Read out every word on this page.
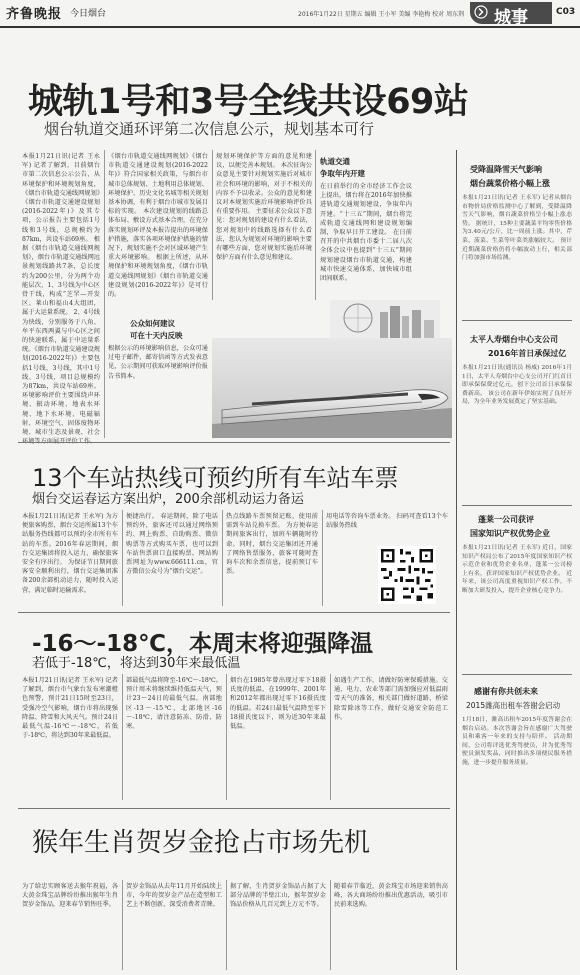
齐鲁晚报 今日烟台	2016年1月22日 星期五 编辑 王小军 美编 李艳梅 校对 周东荆 城事	C03
城轨1号和3号全线共设69站
烟台轨道交通环评第二次信息公示，规划基本可行
本报1月21日讯(记者 王永军) 记者了解到，目前烟台市第二次信息公示公告，从环境保护和环境规划角度，《烟台市轨道交通线网规划》《烟台市轨道交通建设规划(2016-2022年)》及其专项，公示报告主要包括1号线和3号线，总规模约为87km，共设车站69座。 根据《烟台市轨道交通线网规划》，烟台市轨道交通线网远景规划线路共7条，总长度约为200公里，分为两个功能层次，1、3号线为中心区骨干线，构成“芝罘—开发区、莱山和福山4大组团，属于大运量系统。 2、4号线为快线，分别服务于八角、牟平东西两翼与中心区之间的快速联系，属于中运量系统。《烟台市轨道交通建设规划(2016-2022年)》主要包括1号线、3号线，其中1号线、3号线，项目总规模约为87km，共设车站69座。 环境影响评价主要围绕声环境、振动环境、地表水环境、地下水环境、电磁辐射、环境空气、固体废物环境、城市生态及景观、社会
《烟台市轨道交通线网规划》《烟台市轨道交通建设规划(2016-2022年)》符合国家相关政策，与烟台市城市总体规划、土地利用总体规划、环境保护、历史文化名城等相关规划基本协调，有利于烟台市城市发展目标的实现。 本次建设规划的线路总体布局、敷设方式基本合理，在充分落实规划环评及本报告提出的环境保护措施，落实各项环境保护措施的情况下，规划实施不会对区域环境产生重大环境影响。 根据上所述，从环境保护和环境规划角度，《烟台市轨道交通线网规划》《烟台市轨道交通建设规划(2016-2022年)》是可行的。
公众如何建议
可在十天内反映
根据公示的环境影响信息，公众可通过电子邮件、邮寄信函等方式发表意见，公示期间可获取环境影响评价报告书简本。
规划环境保护等方面的意见和建议，以便完善本规划。 本次征询公众意见主要针对规划实施后对城市社会和环境的影响，对于不相关的内容不予以收录。公众的意见和建议对本规划实施后环境影响评价具有重要作用。 主要征求公众以下意见：您对规划的建设有什么看法，您对规划中的线路选择有什么看法，您认为规划对环境的影响主要有哪些方面，您对规划实施后环境保护方面有什么意见和建议。
轨道交通
争取年内开建
在日前举行的全市经济工作会议上提出，烟台将在2016年加快推进轨道交通规划建设，争取年内开建。“十三五”期间，烟台将完成轨道交通线网和建设规划编制，争取早日开工建设。 在日前召开的中共烟台市委十二届八次全体会议中也提到“十三五”期间规划建设烟台市轨道交通，构建城市快速交通体系，加快城市组团间联系。
13个车站热线可预约所有车站车票
烟台交运春运方案出炉，200余部机动运力备运
本报1月21日讯(记者 王永军) 为方便旅客购票，烟台交运所属13个车站服务热线都可以预约全市所有车站的车票。2016年春运期间，烟台交运集团将投入运力，确保旅客安全有序出行。 为保证节日期间旅客安全顺利出行，烟台交运集团准备200余部机动运力，随时投入运营，满足临时运输需求。
便捷出行。 春运期间，除了电话预约外，旅客还可以通过网络预约、网上购票、自助购票、微信购票等方式购买车票，也可以到车站售票窗口直接购票。网站购票网址为www.666111.cn，官方微信公众号为“烟台交运”。
热点线路车票预留记账，使用前需到车站兑换车票。 为方便春运期间旅客出行，加班车辆随时待命。同时，烟台交运集团还开通了网络售票服务，旅客可随时查询车次和余票信息，提前预订车票。
用电话等咨询车票业务。 扫码可查看13个车站服务热线
-16～-18℃，本周末将迎强降温
若低于-18℃，将达到30年来最低温
本报1月21日讯(记者 王永军) 记者了解到，烟台市气象台发布寒潮橙色预警，预计21日15时至23日，受强冷空气影响，烟台市将出现强降温、降雪和大风天气。预计24日最低气温-16℃～-18℃，若低于-18℃，将达到30年来最低温。
部最低气温将降至-16℃～-18℃。 预计周末将继续维持低温天气，预计23～24日的最低气温，南部地区-13～-15℃，北部地区-16～-18℃，请注意防冻、防滑、防寒。
烟台在1985年曾出现过零下18摄氏度的低温，在1999年、2001年和2012年都出现过零下16摄氏度的低温。若24日最低气温降至零下18摄氏度以下，则为近30年来最低温。
如遇生产工作，请做好防寒保暖措施。交通、电力、农业等部门需加强应对低温雨雪天气的准备，相关部门做好道路、桥梁除雪除冰等工作，做好交通安全防范工作。
猴年生肖贺岁金抢占市场先机
为了给忠实顾客送去猴年祝福，各大黄金珠宝品牌纷纷推出猴年生肖贺岁金饰品，迎来春节销售旺季。
贺岁金饰品从去年11月开始陆续上市，今年的贺岁金产品在造型和工艺上不断创新，深受消费者青睐。
据了解，生肖贺岁金饰品占据了大部分品牌的半壁江山，猴年贺岁金饰品价格从几百元到上万元不等。
随着春节临近，黄金珠宝市场迎来销售高峰，各大商场纷纷推出优惠活动，吸引市民前来选购。
受降温降雪天气影响
烟台蔬菜价格小幅上涨
本报1月21日讯(记者 王永军) 记者从烟台市物价局价格监测中心了解到，受降温降雪天气影响，烟台蔬菜价格呈小幅上涨态势。 据统计，15种主要蔬菜平均零售价格为3.40元/公斤，比一周前上涨。其中，芹菜、菠菜、生菜等叶菜类涨幅较大。 预计近期蔬菜价格仍将小幅波动上行，相关部门将加强市场监测。
太平人寿烟台中心支公司
2016年首日承保过亿
本报1月21日讯(通讯员 杨威) 2016年1月1日，太平人寿烟台中心支公司开门红首日即承保保费过亿元，创下公司首日承保保费新高。 该公司在新年伊始实现了良好开局，为全年业务发展奠定了坚实基础。
蓬莱一公司获评
国家知识产权优势企业
本报1月21日讯(记者 王永军) 近日，国家知识产权局公布了2015年度国家知识产权示范企业和优势企业名单，蓬莱一公司榜上有名，获评国家知识产权优势企业。 近年来，该公司高度重视知识产权工作，不断加大研发投入，提升企业核心竞争力。
感谢有你共创未来
2015潍高出租车答谢会启动
1月18日，潍高出租车2015年度答谢会在烟台启动。本次答谢会旨在感谢广大驾驶员和乘客一年来的支持与陪伴。 活动期间，公司将评选优秀驾驶员，并为优秀驾驶员颁发奖品，同时推出多项便民服务措施，进一步提升服务质量。
